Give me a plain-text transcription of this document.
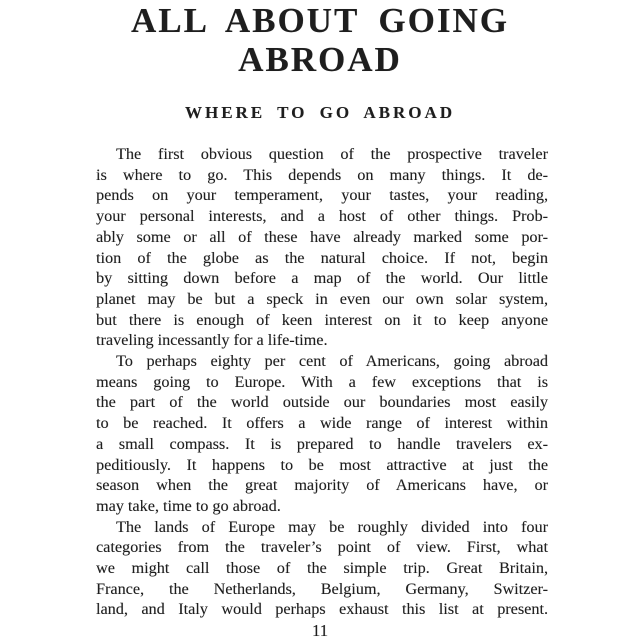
ALL ABOUT GOING
ABROAD
WHERE TO GO ABROAD
The first obvious question of the prospective traveler
is where to go. This depends on many things. It de-
pends on your temperament, your tastes, your reading,
your personal interests, and a host of other things. Prob-
ably some or all of these have already marked some por-
tion of the globe as the natural choice. If not, begin
by sitting down before a map of the world. Our little
planet may be but a speck in even our own solar system,
but there is enough of keen interest on it to keep anyone
traveling incessantly for a life-time.
To perhaps eighty per cent of Americans, going abroad
means going to Europe. With a few exceptions that is
the part of the world outside our boundaries most easily
to be reached. It offers a wide range of interest within
a small compass. It is prepared to handle travelers ex-
peditiously. It happens to be most attractive at just the
season when the great majority of Americans have, or
may take, time to go abroad.
The lands of Europe may be roughly divided into four
categories from the traveler’s point of view. First, what
we might call those of the simple trip. Great Britain,
France, the Netherlands, Belgium, Germany, Switzer-
land, and Italy would perhaps exhaust this list at present.
11
